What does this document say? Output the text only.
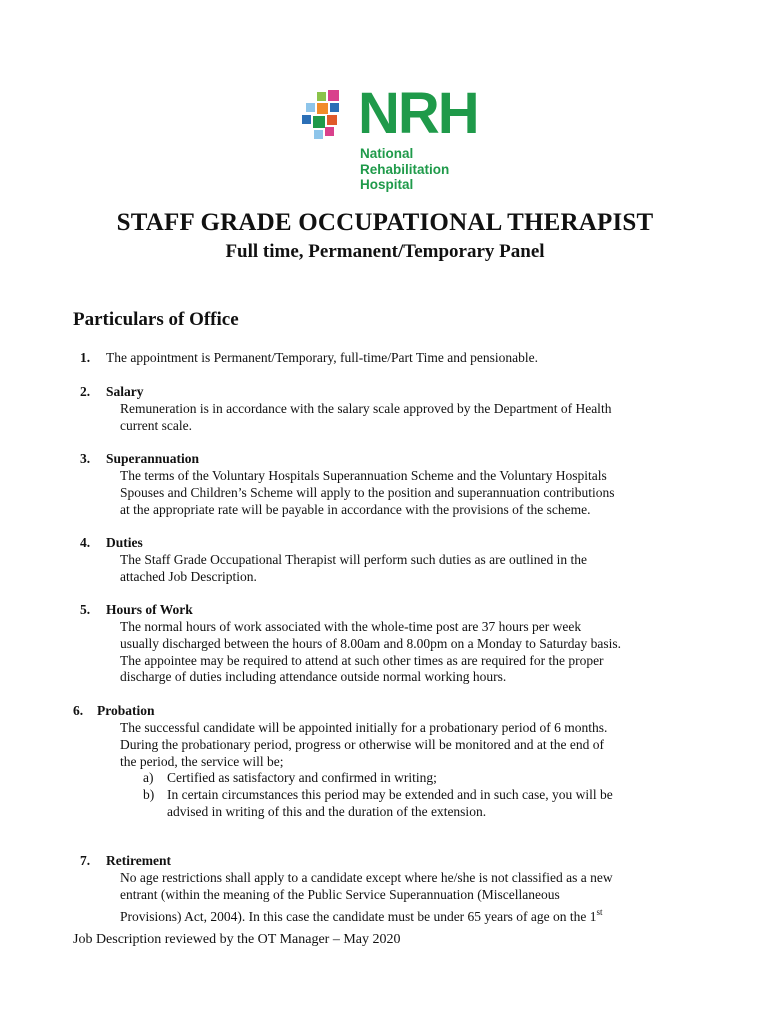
NRH
National
Rehabilitation
Hospital
STAFF GRADE OCCUPATIONAL THERAPIST
Full time, Permanent/Temporary Panel
Particulars of Office
1. The appointment is Permanent/Temporary, full-time/Part Time and pensionable.
2. Salary
Remuneration is in accordance with the salary scale approved by the Department of Health
current scale.
3. Superannuation
The terms of the Voluntary Hospitals Superannuation Scheme and the Voluntary Hospitals
Spouses and Children’s Scheme will apply to the position and superannuation contributions
at the appropriate rate will be payable in accordance with the provisions of the scheme.
4. Duties
The Staff Grade Occupational Therapist will perform such duties as are outlined in the
attached Job Description.
5. Hours of Work
The normal hours of work associated with the whole-time post are 37 hours per week
usually discharged between the hours of 8.00am and 8.00pm on a Monday to Saturday basis.
The appointee may be required to attend at such other times as are required for the proper
discharge of duties including attendance outside normal working hours.
6. Probation
The successful candidate will be appointed initially for a probationary period of 6 months.
During the probationary period, progress or otherwise will be monitored and at the end of
the period, the service will be;
a) Certified as satisfactory and confirmed in writing;
b) In certain circumstances this period may be extended and in such case, you will be
advised in writing of this and the duration of the extension.
7. Retirement
No age restrictions shall apply to a candidate except where he/she is not classified as a new
entrant (within the meaning of the Public Service Superannuation (Miscellaneous
Provisions) Act, 2004). In this case the candidate must be under 65 years of age on the 1st
Job Description reviewed by the OT Manager – May 2020
